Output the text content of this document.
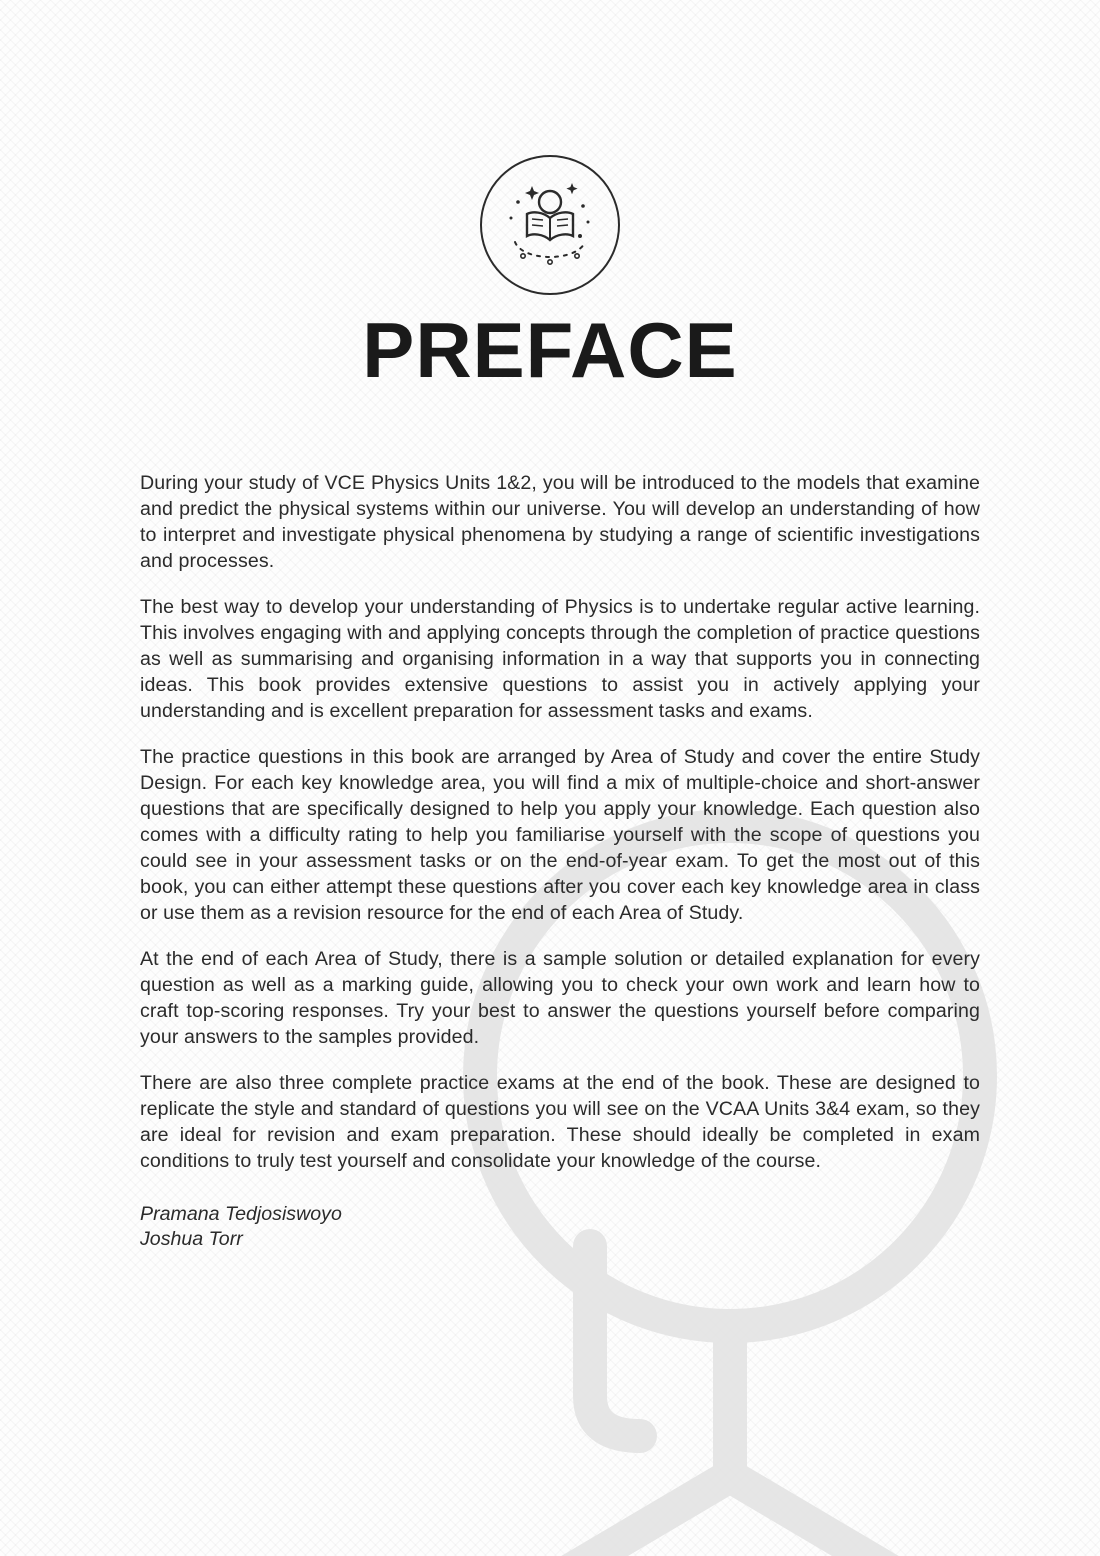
PREFACE

During your study of VCE Physics Units 1&2, you will be introduced to the models that examine and predict the physical systems within our universe. You will develop an understanding of how to interpret and investigate physical phenomena by studying a range of scientific investigations and processes.

The best way to develop your understanding of Physics is to undertake regular active learning. This involves engaging with and applying concepts through the completion of practice questions as well as summarising and organising information in a way that supports you in connecting ideas. This book provides extensive questions to assist you in actively applying your understanding and is excellent preparation for assessment tasks and exams.

The practice questions in this book are arranged by Area of Study and cover the entire Study Design. For each key knowledge area, you will find a mix of multiple-choice and short-answer questions that are specifically designed to help you apply your knowledge. Each question also comes with a difficulty rating to help you familiarise yourself with the scope of questions you could see in your assessment tasks or on the end-of-year exam. To get the most out of this book, you can either attempt these questions after you cover each key knowledge area in class or use them as a revision resource for the end of each Area of Study.

At the end of each Area of Study, there is a sample solution or detailed explanation for every question as well as a marking guide, allowing you to check your own work and learn how to craft top-scoring responses. Try your best to answer the questions yourself before comparing your answers to the samples provided.

There are also three complete practice exams at the end of the book. These are designed to replicate the style and standard of questions you will see on the VCAA Units 3&4 exam, so they are ideal for revision and exam preparation. These should ideally be completed in exam conditions to truly test yourself and consolidate your knowledge of the course.

Pramana Tedjosiswoyo
Joshua Torr
